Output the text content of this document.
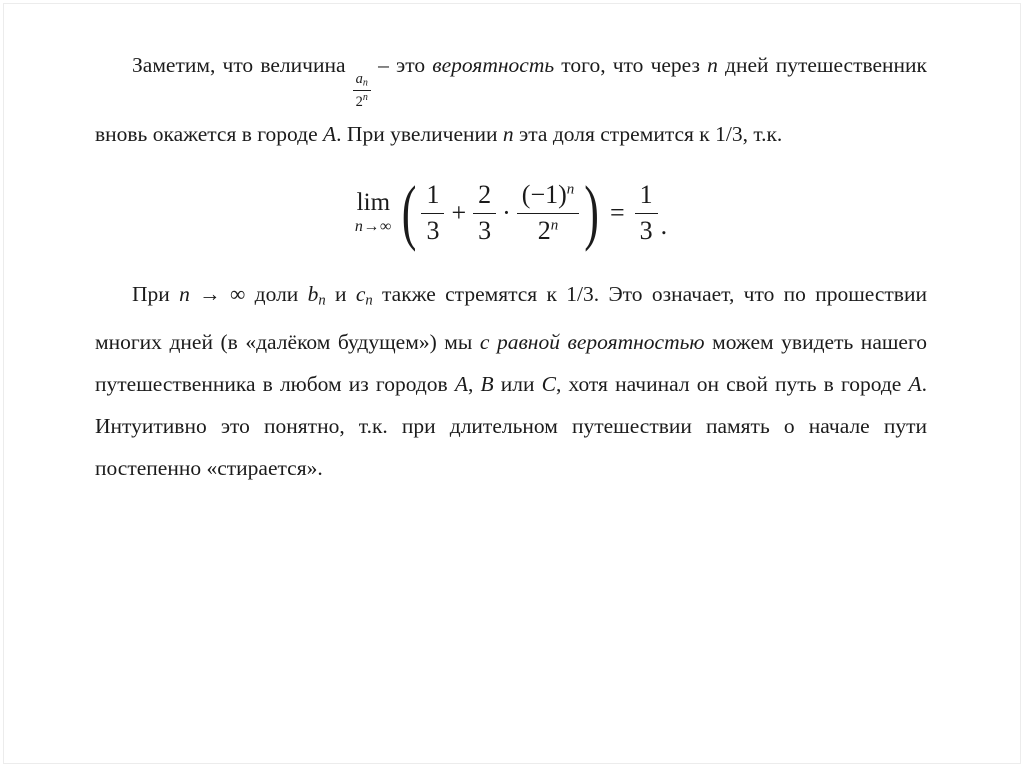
Заметим, что величина
$\frac{a_n}{2^n}$
– это вероятность того, что через n дней путешественник вновь окажется в городе A. При увеличении n эта доля стремится к 1/3, т.к.

lim
n→∞ ( $\frac{1}{3} + \frac{2}{3} \cdot \frac{(-1)^n}{2^n}$ ) = $\frac{1}{3}$ .

При n → ∞ доли $b_n$ и $c_n$ также стремятся к 1/3. Это означает, что по прошествии многих дней (в «далёком будущем») мы с равной вероятностью можем увидеть нашего путешественника в любом из городов A, B или C, хотя начинал он свой путь в городе A. Интуитивно это понятно, т.к. при длительном путешествии память о начале пути постепенно «стирается».
